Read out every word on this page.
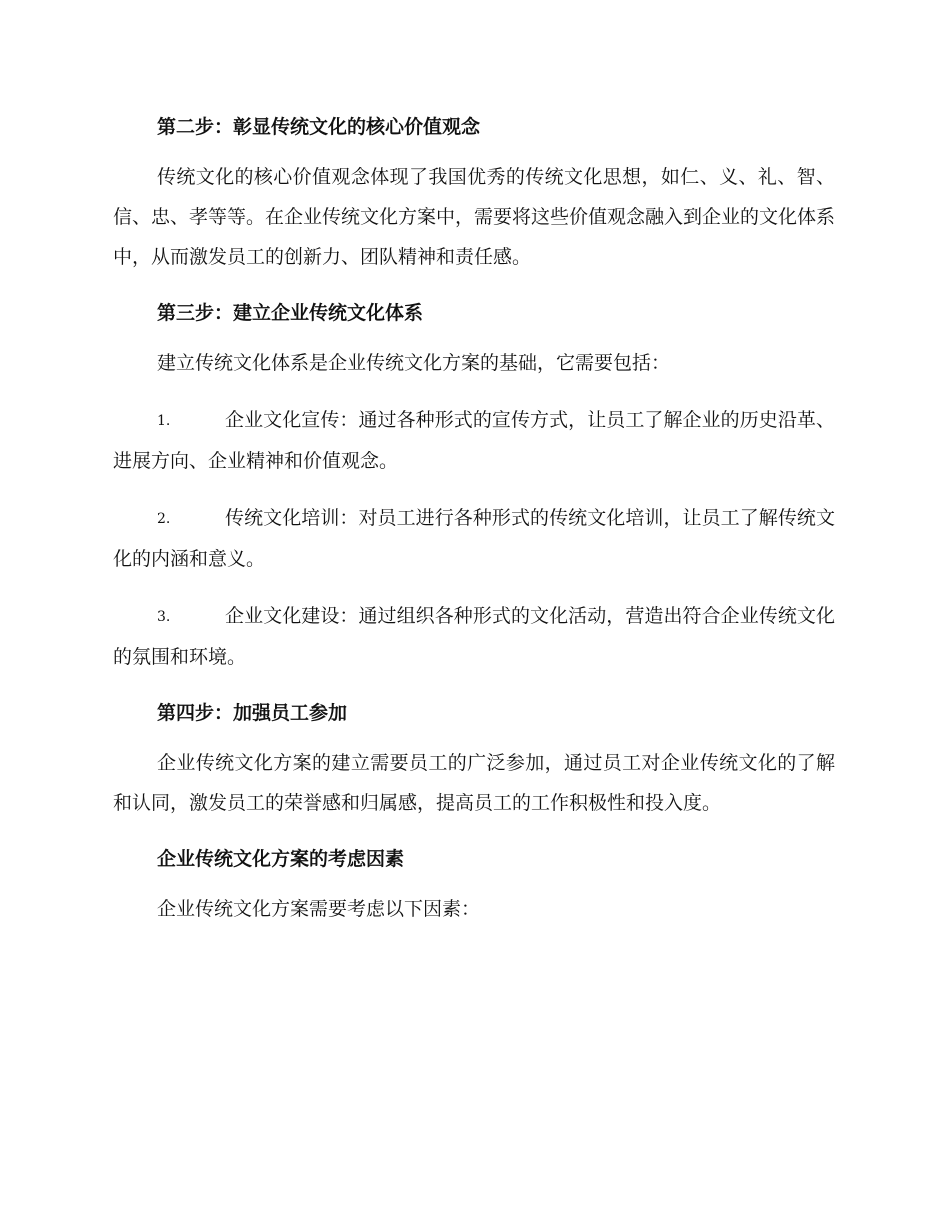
第二步：彰显传统文化的核心价值观念

传统文化的核心价值观念体现了我国优秀的传统文化思想，如仁、义、礼、智、信、忠、孝等等。在企业传统文化方案中，需要将这些价值观念融入到企业的文化体系中，从而激发员工的创新力、团队精神和责任感。

第三步：建立企业传统文化体系

建立传统文化体系是企业传统文化方案的基础，它需要包括：

1.	企业文化宣传：通过各种形式的宣传方式，让员工了解企业的历史沿革、进展方向、企业精神和价值观念。
2.	传统文化培训：对员工进行各种形式的传统文化培训，让员工了解传统文化的内涵和意义。
3.	企业文化建设：通过组织各种形式的文化活动，营造出符合企业传统文化的氛围和环境。

第四步：加强员工参加

企业传统文化方案的建立需要员工的广泛参加，通过员工对企业传统文化的了解和认同，激发员工的荣誉感和归属感，提高员工的工作积极性和投入度。

企业传统文化方案的考虑因素

企业传统文化方案需要考虑以下因素：
